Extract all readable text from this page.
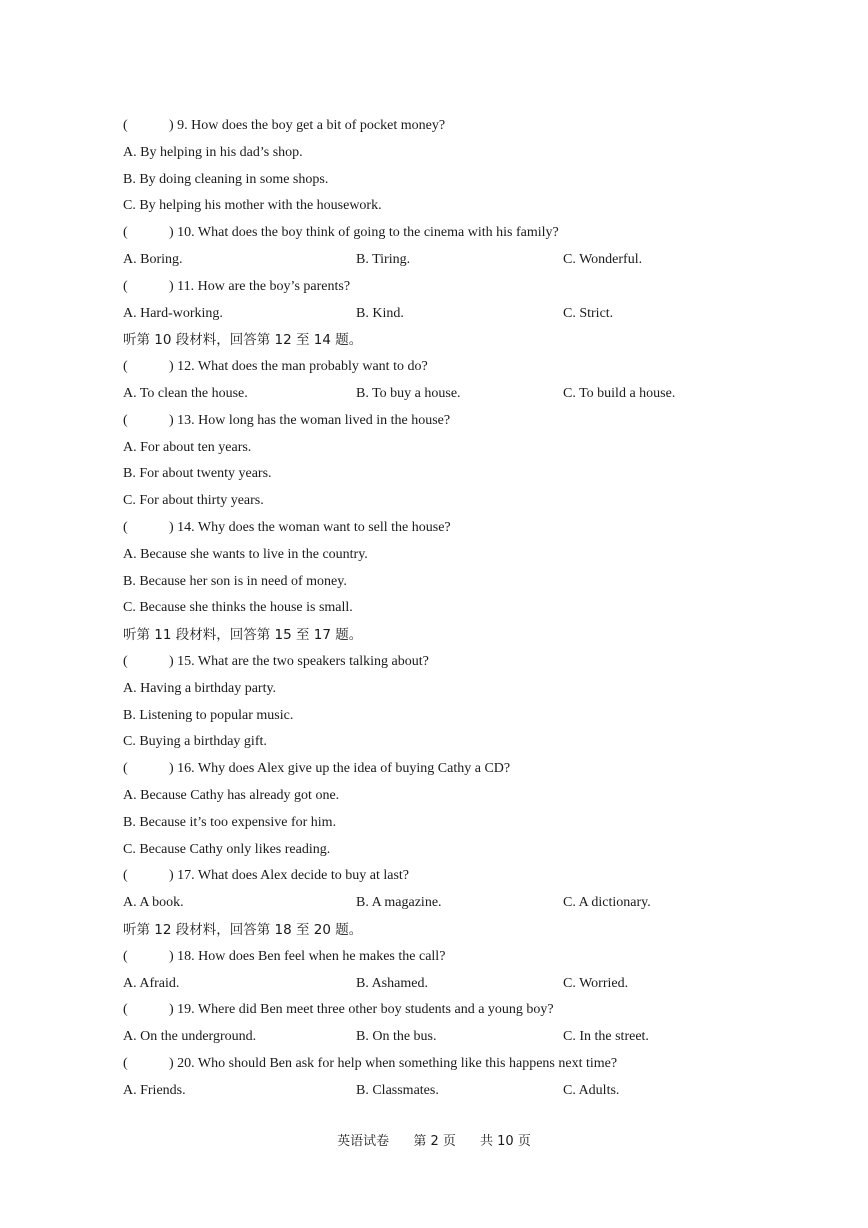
(	) 9. How does the boy get a bit of pocket money?
A. By helping in his dad’s shop.
B. By doing cleaning in some shops.
C. By helping his mother with the housework.
(	) 10. What does the boy think of going to the cinema with his family?
A. Boring.	B. Tiring.	C. Wonderful.
(	) 11. How are the boy’s parents?
A. Hard-working.	B. Kind.	C. Strict.
听第 10 段材料，回答第 12 至 14 题。
(	) 12. What does the man probably want to do?
A. To clean the house.	B. To buy a house.	C. To build a house.
(	) 13. How long has the woman lived in the house?
A. For about ten years.
B. For about twenty years.
C. For about thirty years.
(	) 14. Why does the woman want to sell the house?
A. Because she wants to live in the country.
B. Because her son is in need of money.
C. Because she thinks the house is small.
听第 11 段材料，回答第 15 至 17 题。
(	) 15. What are the two speakers talking about?
A. Having a birthday party.
B. Listening to popular music.
C. Buying a birthday gift.
(	) 16. Why does Alex give up the idea of buying Cathy a CD?
A. Because Cathy has already got one.
B. Because it’s too expensive for him.
C. Because Cathy only likes reading.
(	) 17. What does Alex decide to buy at last?
A. A book.	B. A magazine.	C. A dictionary.
听第 12 段材料，回答第 18 至 20 题。
(	) 18. How does Ben feel when he makes the call?
A. Afraid.	B. Ashamed.	C. Worried.
(	) 19. Where did Ben meet three other boy students and a young boy?
A. On the underground.	B. On the bus.	C. In the street.
(	) 20. Who should Ben ask for help when something like this happens next time?
A. Friends.	B. Classmates.	C. Adults.
英语试卷 第 2 页 共 10 页
